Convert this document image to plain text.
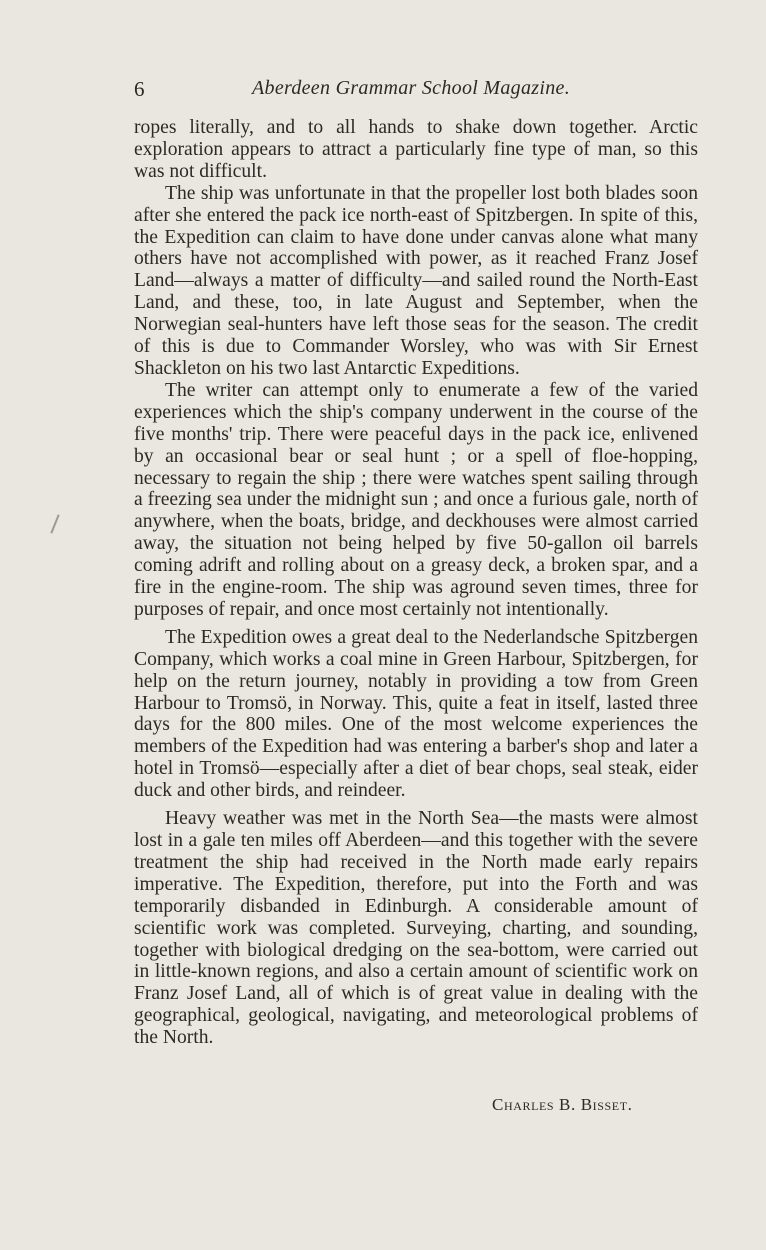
6	Aberdeen Grammar School Magazine.

ropes literally, and to all hands to shake down together. Arctic exploration appears to attract a particularly fine type of man, so this was not difficult.

The ship was unfortunate in that the propeller lost both blades soon after she entered the pack ice north-east of Spitzbergen. In spite of this, the Expedition can claim to have done under canvas alone what many others have not accomplished with power, as it reached Franz Josef Land—always a matter of difficulty—and sailed round the North-East Land, and these, too, in late August and September, when the Norwegian seal-hunters have left those seas for the season. The credit of this is due to Commander Worsley, who was with Sir Ernest Shackleton on his two last Antarctic Expeditions.

The writer can attempt only to enumerate a few of the varied experiences which the ship's company underwent in the course of the five months' trip. There were peaceful days in the pack ice, enlivened by an occasional bear or seal hunt ; or a spell of floe-hopping, necessary to regain the ship ; there were watches spent sailing through a freezing sea under the midnight sun ; and once a furious gale, north of anywhere, when the boats, bridge, and deckhouses were almost carried away, the situation not being helped by five 50-gallon oil barrels coming adrift and rolling about on a greasy deck, a broken spar, and a fire in the engine-room. The ship was aground seven times, three for purposes of repair, and once most certainly not intentionally.

The Expedition owes a great deal to the Nederlandsche Spitzbergen Company, which works a coal mine in Green Harbour, Spitzbergen, for help on the return journey, notably in providing a tow from Green Harbour to Tromsö, in Norway. This, quite a feat in itself, lasted three days for the 800 miles. One of the most welcome experiences the members of the Expedition had was entering a barber's shop and later a hotel in Tromsö—especially after a diet of bear chops, seal steak, eider duck and other birds, and reindeer.

Heavy weather was met in the North Sea—the masts were almost lost in a gale ten miles off Aberdeen—and this together with the severe treatment the ship had received in the North made early repairs imperative. The Expedition, therefore, put into the Forth and was temporarily disbanded in Edinburgh. A considerable amount of scientific work was completed. Surveying, charting, and sounding, together with biological dredging on the sea-bottom, were carried out in little-known regions, and also a certain amount of scientific work on Franz Josef Land, all of which is of great value in dealing with the geographical, geological, navigating, and meteorological problems of the North.

Charles B. Bisset.
